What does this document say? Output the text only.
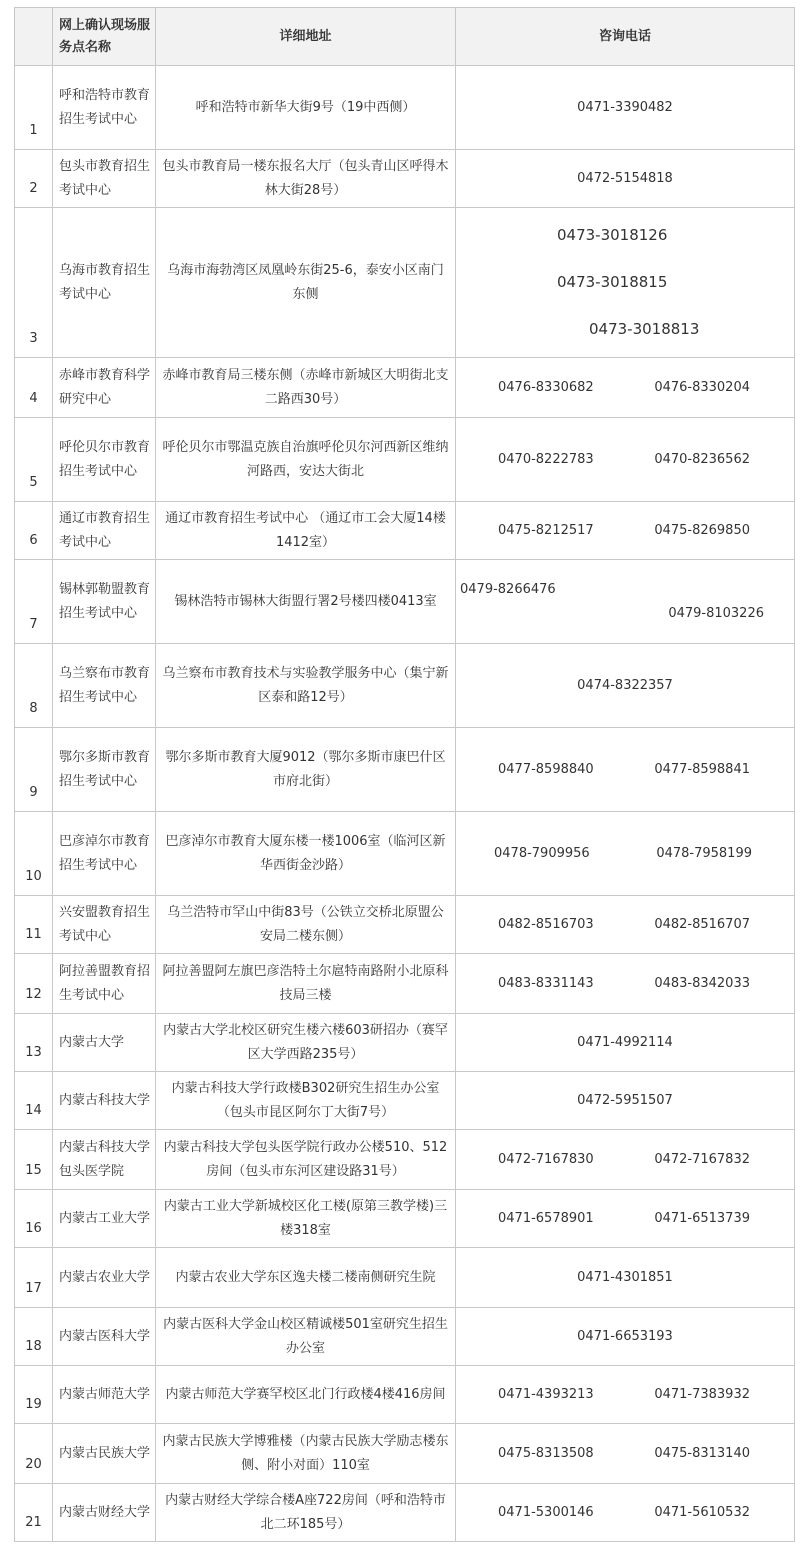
	网上确认现场服务点名称	详细地址	咨询电话
1	呼和浩特市教育招生考试中心	呼和浩特市新华大街9号（19中西侧）	0471-3390482
2	包头市教育招生考试中心	包头市教育局一楼东报名大厅（包头青山区呼得木林大街28号）	0472-5154818
3	乌海市教育招生考试中心	乌海市海勃湾区凤凰岭东街25-6，泰安小区南门东侧	0473-3018126
0473-3018815
0473-3018813

4	赤峰市教育科学研究中心	赤峰市教育局三楼东侧（赤峰市新城区大明街北支二路西30号）	0476-8330682 0476-8330204

5	呼伦贝尔市教育招生考试中心	呼伦贝尔市鄂温克族自治旗呼伦贝尔河西新区维纳河路西，安达大街北	0470-8222783 0470-8236562

6	通辽市教育招生考试中心	通辽市教育招生考试中心 （通辽市工会大厦14楼1412室）	0475-8212517 0475-8269850

7	锡林郭勒盟教育招生考试中心	锡林浩特市锡林大街盟行署2号楼四楼0413室	0479-8266476
0479-8103226

8	乌兰察布市教育招生考试中心	乌兰察布市教育技术与实验教学服务中心（集宁新区泰和路12号）	0474-8322357
9	鄂尔多斯市教育招生考试中心	鄂尔多斯市教育大厦9012（鄂尔多斯市康巴什区市府北街）	0477-8598840 0477-8598841

10	巴彦淖尔市教育招生考试中心	巴彦淖尔市教育大厦东楼一楼1006室（临河区新华西街金沙路）	0478-7909956 0478-7958199

11	兴安盟教育招生考试中心	乌兰浩特市罕山中街83号（公铁立交桥北原盟公安局二楼东侧）	0482-8516703 0482-8516707

12	阿拉善盟教育招生考试中心	阿拉善盟阿左旗巴彦浩特土尔扈特南路附小北原科技局三楼	0483-8331143 0483-8342033

13	内蒙古大学	内蒙古大学北校区研究生楼六楼603研招办（赛罕区大学西路235号）	0471-4992114
14	内蒙古科技大学	内蒙古科技大学行政楼B302研究生招生办公室（包头市昆区阿尔丁大街7号）	0472-5951507
15	内蒙古科技大学包头医学院	内蒙古科技大学包头医学院行政办公楼510、512房间（包头市东河区建设路31号）	0472-7167830 0472-7167832

16	内蒙古工业大学	内蒙古工业大学新城校区化工楼(原第三教学楼)三楼318室	0471-6578901 0471-6513739

17	内蒙古农业大学	内蒙古农业大学东区逸夫楼二楼南侧研究生院	0471-4301851
18	内蒙古医科大学	内蒙古医科大学金山校区精诚楼501室研究生招生办公室	0471-6653193
19	内蒙古师范大学	内蒙古师范大学赛罕校区北门行政楼4楼416房间	0471-4393213 0471-7383932

20	内蒙古民族大学	内蒙古民族大学博雅楼（内蒙古民族大学励志楼东侧、附小对面）110室	0475-8313508 0475-8313140

21	内蒙古财经大学	内蒙古财经大学综合楼A座722房间（呼和浩特市北二环185号）	0471-5300146 0471-5610532
